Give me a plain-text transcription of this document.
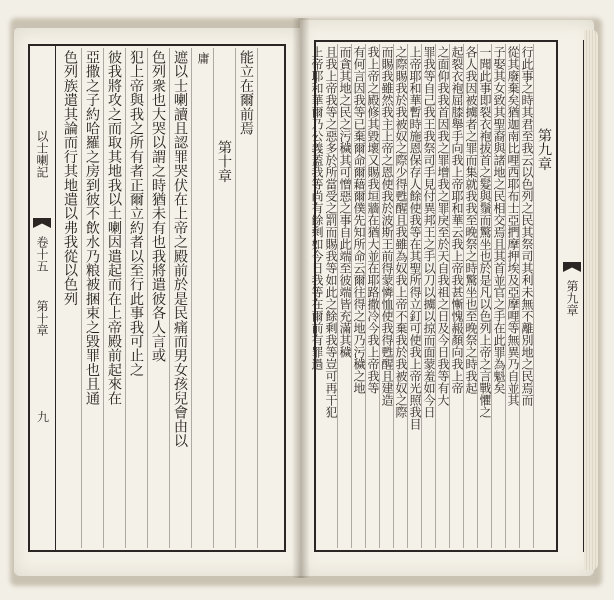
以士喇記
卷十五
第十章
九
色列族遣其論而行其地遣以弗我從以色列 亞撒之子約哈羅之房到彼不飲水乃粮被捆束之毀罪也且通 彼我將攻之而取其地我以土喇因遣起而在上帝殿前起來在 犯上帝與我之所有者正爾立約者以至行此事我可止之 色列衆也大哭以謂之時猶未有也我將遣彼各人言或 遮以士喇讀且認罪哭伏在上帝之殿前於是民痛而男女孩兒會由以 庸
第十章
能立在爾前焉
第九章
第九章
行此事之時其君至我云以色列之民其祭司其利未無不離別地之民焉而
從其廢棄矣猶迦南比哩西耶布士亞捫摩押埃及亞摩哩等無異乃自並其
子娶其女致其聖裔與諸地之民相交焉且其首並官之手在此罪為魁矣
一聞此事即裂衣袍拔首之髮與鬚而驚坐也於是凡以色列上帝之言戰懼之
各人我因被擄者之罪而集就我我至晚祭之時驚坐也至晚祭之時我起
起裂衣袍屈膝舉手向我上帝耶和華云我上帝我甚慚愧赧顏向我上帝
之面仰我我首因我之罪增我之罪戾至於天自我祖之日及今日我等有大
罪我等自己我王我祭司手見付異邦王之手以刀以擄以掠而面蒙羞如今日
上帝耶和華暫時施恩保存人餘使我等在其聖所得立釘可使我上帝光照我目
之際賜我於我被奴之際少得甦醒且我雖為奴我上帝不棄我於我被奴之際
而賜我雖然我主上帝之恩使我於波斯王前得蒙憐恤使我得甦醒且建造
我上帝之殿修其毀壞又賜我垣牆在猶大並在耶路撒冷今我上帝我等
有何言因我等已棄爾命爾藉爾僕先知所命云爾往得之地乃污穢之地
而貪其地之民之污穢其可憎惡之事自此端至彼端皆充滿其穢
且我上帝我等之惡多於所當受之罰而賜我等如此之餘剩我等豈可再干犯
上帝耶和華爾乃公義蓋我等尚有餘剩如今日我等在爾前有罪過
